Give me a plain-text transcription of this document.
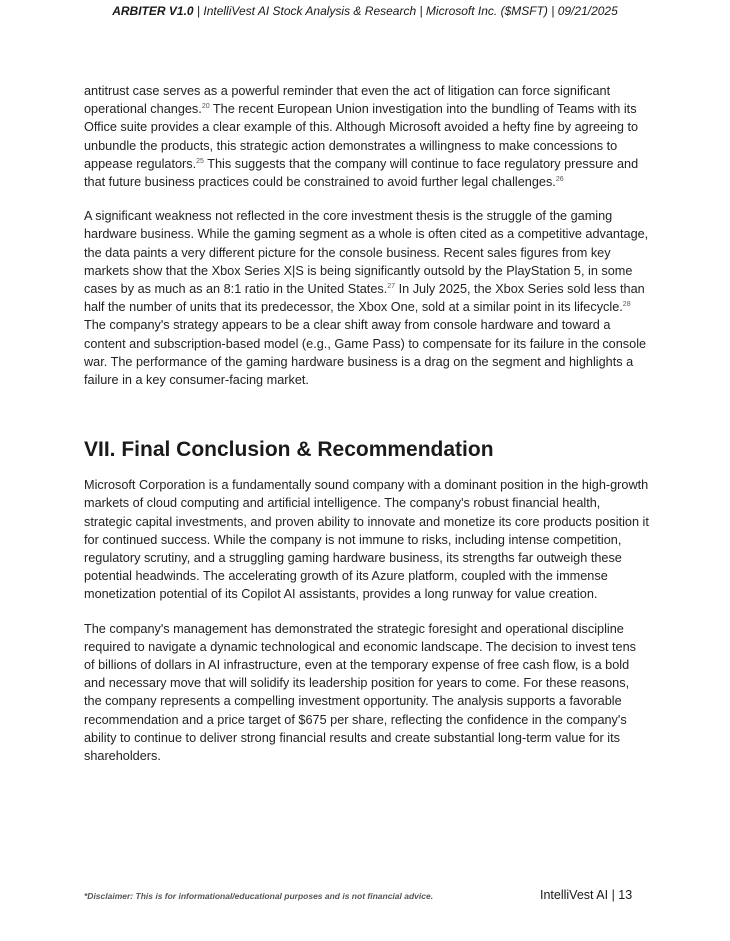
ARBITER V1.0 | IntelliVest AI Stock Analysis & Research | Microsoft Inc. ($MSFT) | 09/21/2025

antitrust case serves as a powerful reminder that even the act of litigation can force significant operational changes.$^{20}$ The recent European Union investigation into the bundling of Teams with its Office suite provides a clear example of this. Although Microsoft avoided a hefty fine by agreeing to unbundle the products, this strategic action demonstrates a willingness to make concessions to appease regulators.$^{25}$ This suggests that the company will continue to face regulatory pressure and that future business practices could be constrained to avoid further legal challenges.$^{26}$

A significant weakness not reflected in the core investment thesis is the struggle of the gaming hardware business. While the gaming segment as a whole is often cited as a competitive advantage, the data paints a very different picture for the console business. Recent sales figures from key markets show that the Xbox Series X|S is being significantly outsold by the PlayStation 5, in some cases by as much as an 8:1 ratio in the United States.$^{27}$ In July 2025, the Xbox Series sold less than half the number of units that its predecessor, the Xbox One, sold at a similar point in its lifecycle.$^{28}$ The company's strategy appears to be a clear shift away from console hardware and toward a content and subscription-based model (e.g., Game Pass) to compensate for its failure in the console war. The performance of the gaming hardware business is a drag on the segment and highlights a failure in a key consumer-facing market.

VII. Final Conclusion & Recommendation

Microsoft Corporation is a fundamentally sound company with a dominant position in the high-growth markets of cloud computing and artificial intelligence. The company's robust financial health, strategic capital investments, and proven ability to innovate and monetize its core products position it for continued success. While the company is not immune to risks, including intense competition, regulatory scrutiny, and a struggling gaming hardware business, its strengths far outweigh these potential headwinds. The accelerating growth of its Azure platform, coupled with the immense monetization potential of its Copilot AI assistants, provides a long runway for value creation.

The company's management has demonstrated the strategic foresight and operational discipline required to navigate a dynamic technological and economic landscape. The decision to invest tens of billions of dollars in AI infrastructure, even at the temporary expense of free cash flow, is a bold and necessary move that will solidify its leadership position for years to come. For these reasons, the company represents a compelling investment opportunity. The analysis supports a favorable recommendation and a price target of $675 per share, reflecting the confidence in the company's ability to continue to deliver strong financial results and create substantial long-term value for its shareholders.

*Disclaimer: This is for informational/educational purposes and is not financial advice.	IntelliVest AI | 13
